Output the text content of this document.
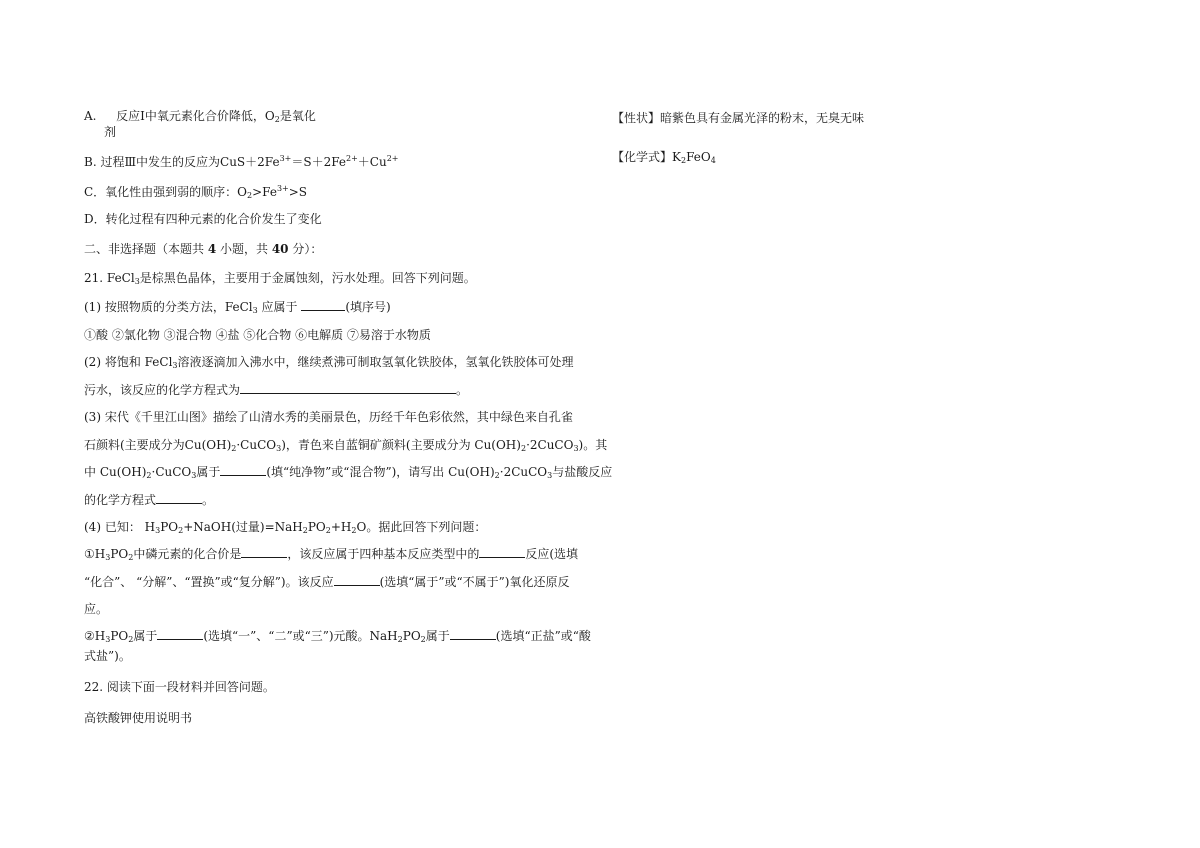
A. 反应Ⅰ中氧元素化合价降低，$O_2$是氧化
剂
B. 过程Ⅲ中发生的反应为$CuS+2Fe^{3+}=S+2Fe^{2+}+Cu^{2+}$
C．氧化性由强到弱的顺序：$O_2>Fe^{3+}>S$
D．转化过程有四种元素的化合价发生了变化
二、非选择题（本题共 4 小题，共 40 分）：
21. FeCl$_3$是棕黑色晶体，主要用于金属蚀刻，污水处理。回答下列问题。
(1) 按照物质的分类方法，FeCl$_3$ 应属于	(填序号)
①酸 ②氯化物 ③混合物 ④盐 ⑤化合物 ⑥电解质 ⑦易溶于水物质
(2) 将饱和 FeCl$_3$溶液逐滴加入沸水中，继续煮沸可制取氢氧化铁胶体，氢氧化铁胶体可处理
污水，该反应的化学方程式为	。
(3) 宋代《千里江山图》描绘了山清水秀的美丽景色，历经千年色彩依然，其中绿色来自孔雀
石颜料(主要成分为$Cu(OH)_2\cdot CuCO_3$)，青色来自蓝铜矿颜料(主要成分为 $Cu(OH)_2\cdot 2CuCO_3$)。其
中 $Cu(OH)_2\cdot CuCO_3$属于	(填“纯净物”或“混合物”)，请写出 $Cu(OH)_2\cdot 2CuCO_3$与盐酸反应
的化学方程式	。
(4) 已知： $H_3PO_2+NaOH$(过量)$=NaH_2PO_2+H_2O$。据此回答下列问题：
$①H_3PO_2$中磷元素的化合价是	，该反应属于四种基本反应类型中的	反应(选填
“化合”、 “分解”、“置换”或“复分解”)。该反应	(选填“属于”或“不属于”)氧化还原反
应。
$②H_3PO_2$属于	(选填“一”、“二”或“三”)元酸。$NaH_2PO_2$属于	(选填“正盐”或“酸
式盐”)。
22. 阅读下面一段材料并回答问题。
高铁酸钾使用说明书
【性状】暗紫色具有金属光泽的粉末，无臭无味
【化学式】$K_2FeO_4$
